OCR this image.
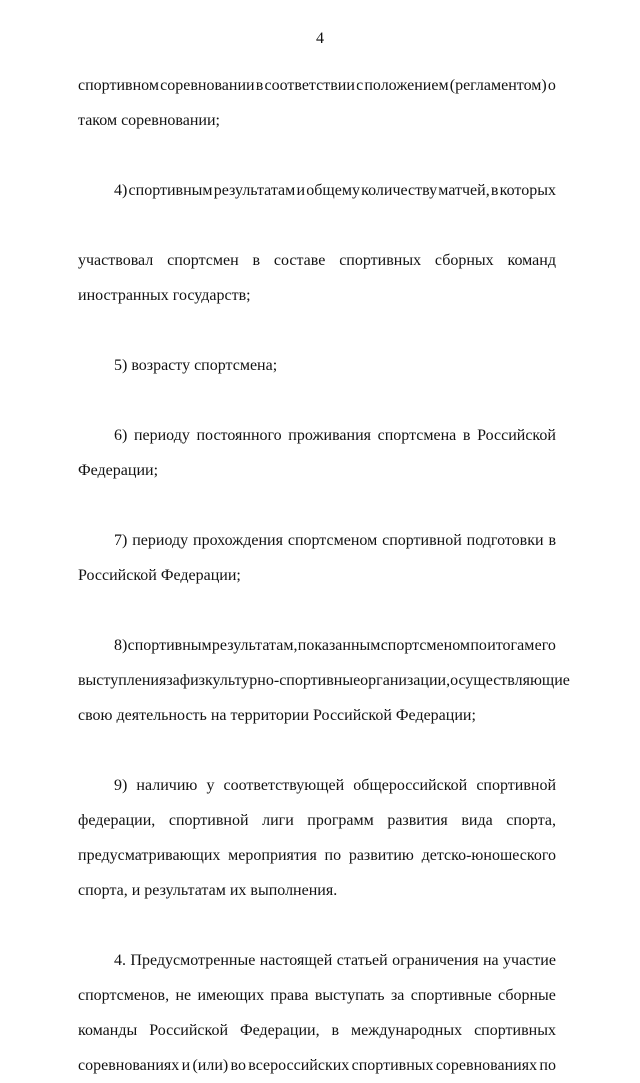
4
спортивном соревновании в соответствии с положением (регламентом) о
таком соревновании;
4) спортивным результатам и общему количеству матчей, в которых
участвовал спортсмен в составе спортивных сборных команд
иностранных государств;
5) возрасту спортсмена;
6) периоду постоянного проживания спортсмена в Российской
Федерации;
7) периоду прохождения спортсменом спортивной подготовки в
Российской Федерации;
8) спортивным результатам, показанным спортсменом по итогам его
выступления за физкультурно-спортивные организации, осуществляющие
свою деятельность на территории Российской Федерации;
9) наличию у соответствующей общероссийской спортивной
федерации, спортивной лиги программ развития вида спорта,
предусматривающих мероприятия по развитию детско-юношеского
спорта, и результатам их выполнения.
4. Предусмотренные настоящей статьей ограничения на участие
спортсменов, не имеющих права выступать за спортивные сборные
команды Российской Федерации, в международных спортивных
соревнованиях и (или) во всероссийских спортивных соревнованиях по
